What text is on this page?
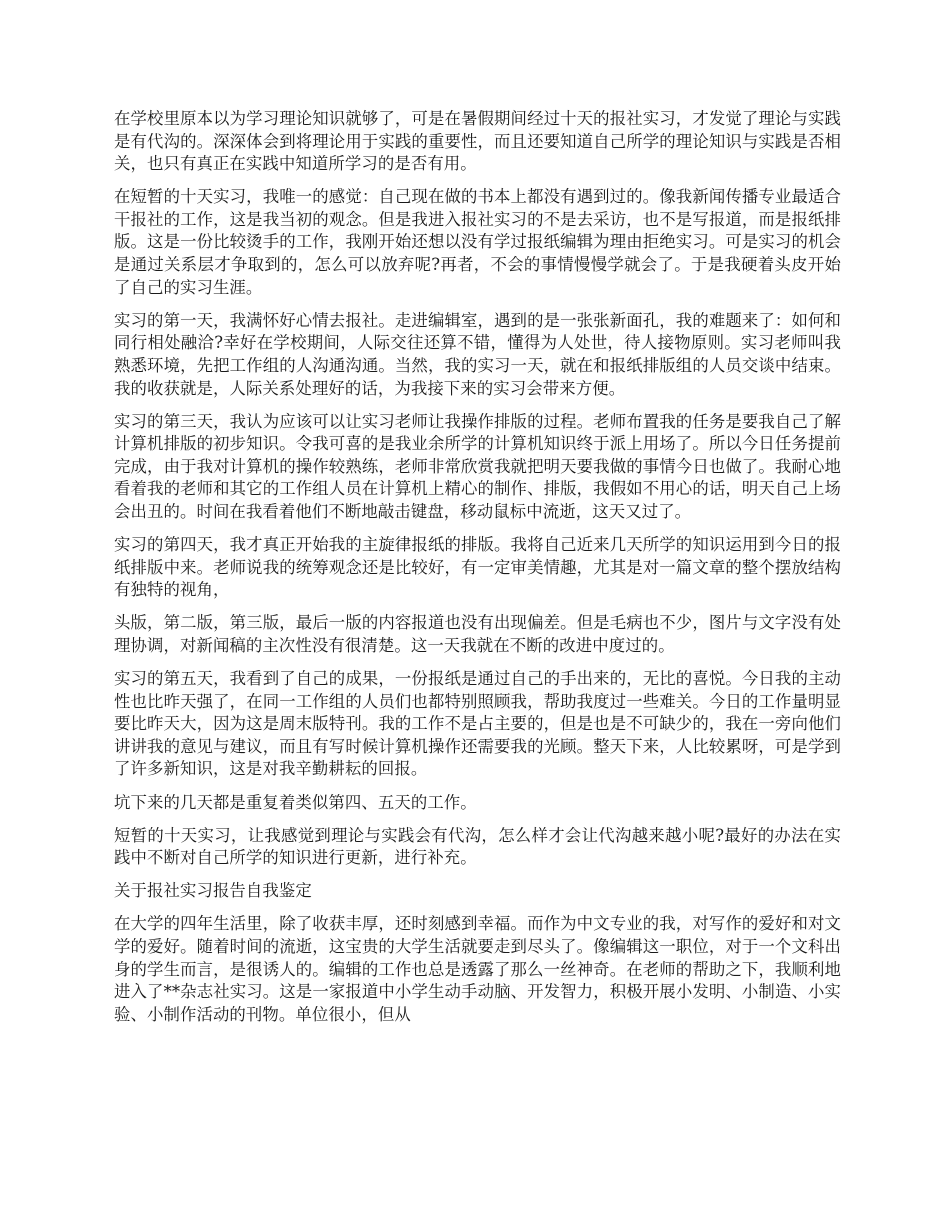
在学校里原本以为学习理论知识就够了，可是在暑假期间经过十天的报社实习，才发觉了理论与实践是有代沟的。深深体会到将理论用于实践的重要性，而且还要知道自己所学的理论知识与实践是否相关，也只有真正在实践中知道所学习的是否有用。

在短暂的十天实习，我唯一的感觉：自己现在做的书本上都没有遇到过的。像我新闻传播专业最适合干报社的工作，这是我当初的观念。但是我进入报社实习的不是去采访，也不是写报道，而是报纸排版。这是一份比较烫手的工作，我刚开始还想以没有学过报纸编辑为理由拒绝实习。可是实习的机会是通过关系层才争取到的，怎么可以放弃呢?再者，不会的事情慢慢学就会了。于是我硬着头皮开始了自己的实习生涯。

实习的第一天，我满怀好心情去报社。走进编辑室，遇到的是一张张新面孔，我的难题来了：如何和同行相处融洽?幸好在学校期间，人际交往还算不错，懂得为人处世，待人接物原则。实习老师叫我熟悉环境，先把工作组的人沟通沟通。当然，我的实习一天，就在和报纸排版组的人员交谈中结束。我的收获就是，人际关系处理好的话，为我接下来的实习会带来方便。

实习的第三天，我认为应该可以让实习老师让我操作排版的过程。老师布置我的任务是要我自己了解计算机排版的初步知识。令我可喜的是我业余所学的计算机知识终于派上用场了。所以今日任务提前完成，由于我对计算机的操作较熟练，老师非常欣赏我就把明天要我做的事情今日也做了。我耐心地看着我的老师和其它的工作组人员在计算机上精心的制作、排版，我假如不用心的话，明天自己上场会出丑的。时间在我看着他们不断地敲击键盘，移动鼠标中流逝，这天又过了。

实习的第四天，我才真正开始我的主旋律报纸的排版。我将自己近来几天所学的知识运用到今日的报纸排版中来。老师说我的统筹观念还是比较好，有一定审美情趣，尤其是对一篇文章的整个摆放结构有独特的视角，

头版，第二版，第三版，最后一版的内容报道也没有出现偏差。但是毛病也不少，图片与文字没有处理协调，对新闻稿的主次性没有很清楚。这一天我就在不断的改进中度过的。

实习的第五天，我看到了自己的成果，一份报纸是通过自己的手出来的，无比的喜悦。今日我的主动性也比昨天强了，在同一工作组的人员们也都特别照顾我，帮助我度过一些难关。今日的工作量明显要比昨天大，因为这是周末版特刊。我的工作不是占主要的，但是也是不可缺少的，我在一旁向他们讲讲我的意见与建议，而且有写时候计算机操作还需要我的光顾。整天下来，人比较累呀，可是学到了许多新知识，这是对我辛勤耕耘的回报。

坑下来的几天都是重复着类似第四、五天的工作。

短暂的十天实习，让我感觉到理论与实践会有代沟，怎么样才会让代沟越来越小呢?最好的办法在实践中不断对自己所学的知识进行更新，进行补充。

关于报社实习报告自我鉴定

在大学的四年生活里，除了收获丰厚，还时刻感到幸福。而作为中文专业的我，对写作的爱好和对文学的爱好。随着时间的流逝，这宝贵的大学生活就要走到尽头了。像编辑这一职位，对于一个文科出身的学生而言，是很诱人的。编辑的工作也总是透露了那么一丝神奇。在老师的帮助之下，我顺利地进入了**杂志社实习。这是一家报道中小学生动手动脑、开发智力，积极开展小发明、小制造、小实验、小制作活动的刊物。单位很小，但从
